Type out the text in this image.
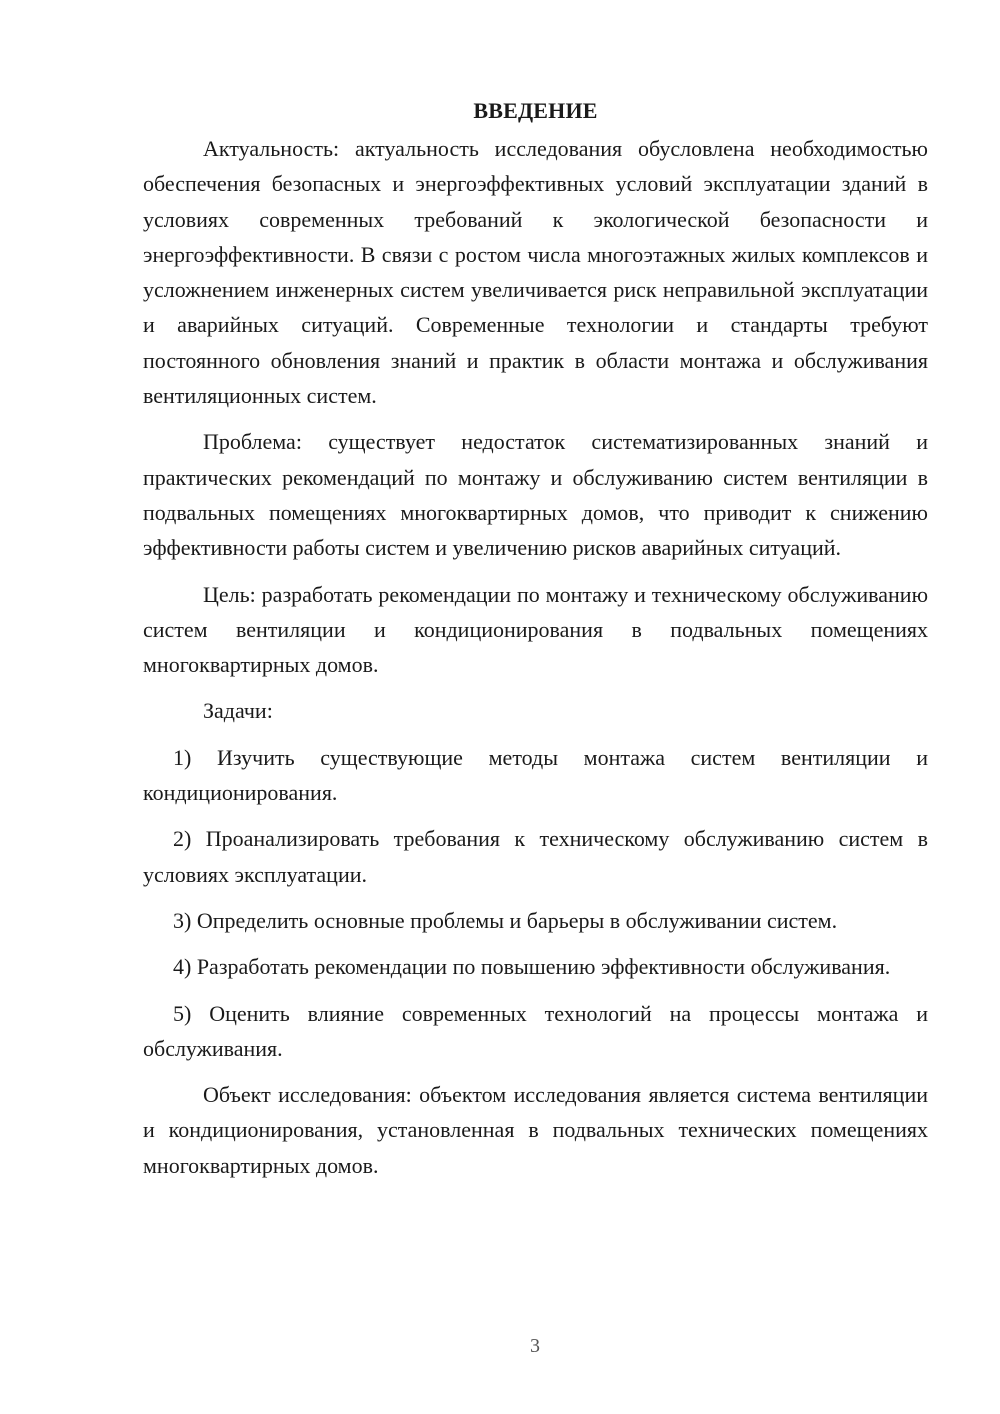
ВВЕДЕНИЕ

Актуальность: актуальность исследования обусловлена необходимостью обеспечения безопасных и энергоэффективных условий эксплуатации зданий в условиях современных требований к экологической безопасности и энергоэффективности. В связи с ростом числа многоэтажных жилых комплексов и усложнением инженерных систем увеличивается риск неправильной эксплуатации и аварийных ситуаций. Современные технологии и стандарты требуют постоянного обновления знаний и практик в области монтажа и обслуживания вентиляционных систем.

Проблема: существует недостаток систематизированных знаний и практических рекомендаций по монтажу и обслуживанию систем вентиляции в подвальных помещениях многоквартирных домов, что приводит к снижению эффективности работы систем и увеличению рисков аварийных ситуаций.

Цель: разработать рекомендации по монтажу и техническому обслуживанию систем вентиляции и кондиционирования в подвальных помещениях многоквартирных домов.

Задачи:

1) Изучить существующие методы монтажа систем вентиляции и кондиционирования.

2) Проанализировать требования к техническому обслуживанию систем в условиях эксплуатации.

3) Определить основные проблемы и барьеры в обслуживании систем.

4) Разработать рекомендации по повышению эффективности обслуживания.

5) Оценить влияние современных технологий на процессы монтажа и обслуживания.

Объект исследования: объектом исследования является система вентиляции и кондиционирования, установленная в подвальных технических помещениях многоквартирных домов.

3
